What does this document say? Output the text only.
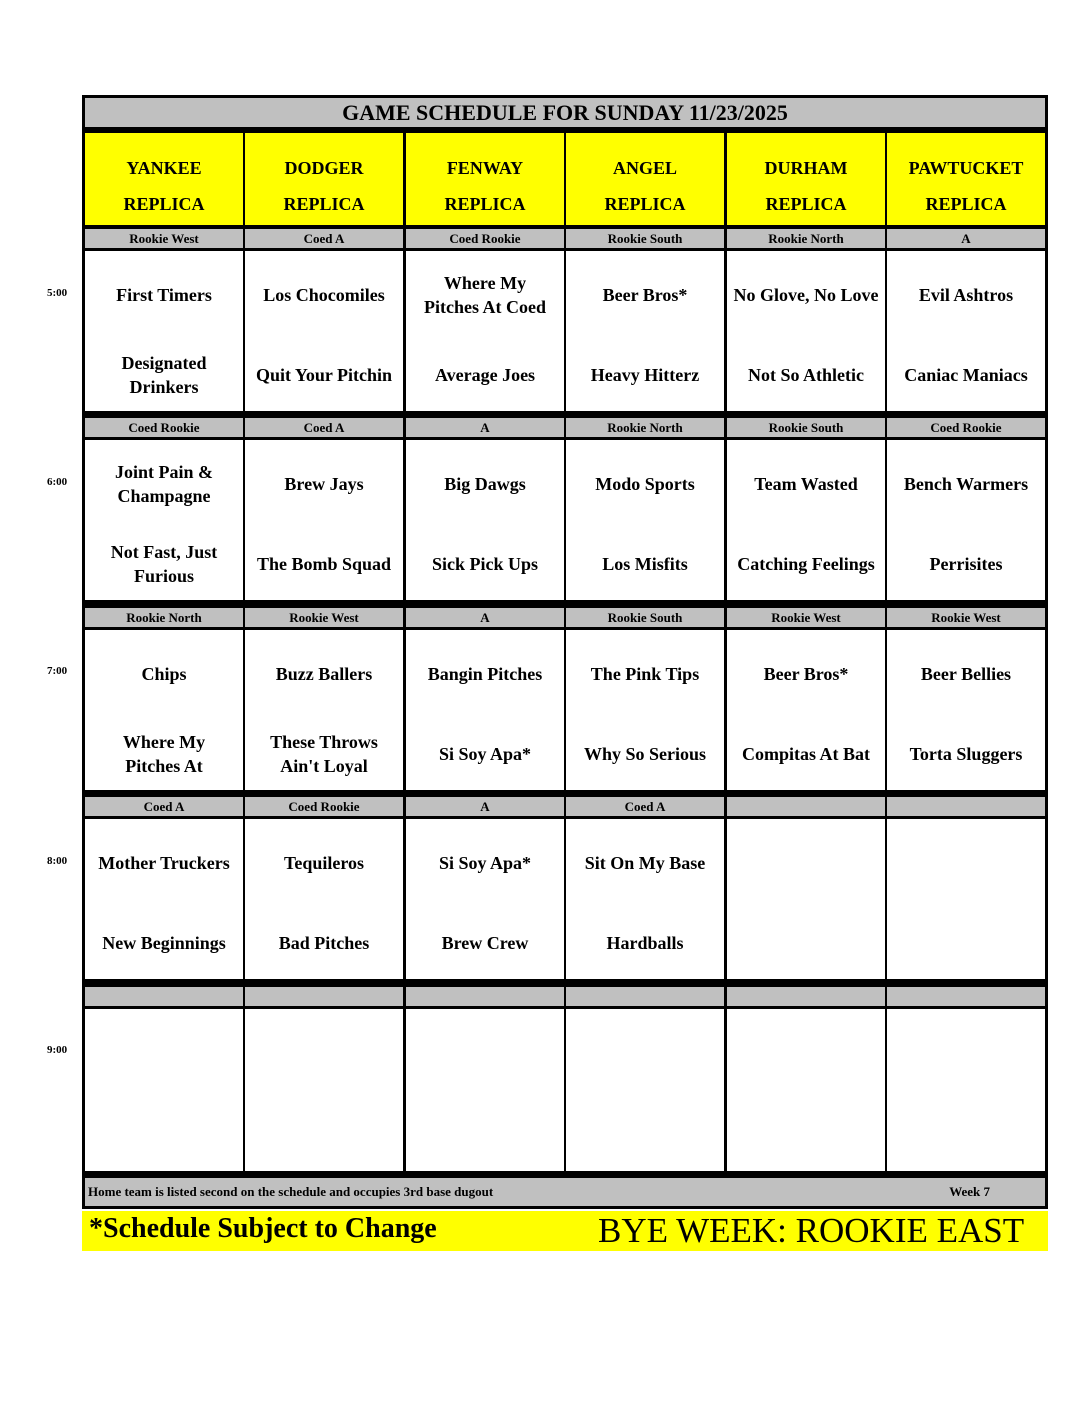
GAME SCHEDULE FOR SUNDAY 11/23/2025
YANKEE
REPLICA
DODGER
REPLICA
FENWAY
REPLICA
ANGEL
REPLICA
DURHAM
REPLICA
PAWTUCKET
REPLICA
Rookie West
First Timers
Designated Drinkers
Coed A
Los Chocomiles
Quit Your Pitchin
Coed Rookie
Where My Pitches At Coed
Average Joes
Rookie South
Beer Bros*
Heavy Hitterz
Rookie North
No Glove, No Love
Not So Athletic
A
Evil Ashtros
Caniac Maniacs
Coed Rookie
Joint Pain & Champagne
Not Fast, Just Furious
Coed A
Brew Jays
The Bomb Squad
A
Big Dawgs
Sick Pick Ups
Rookie North
Modo Sports
Los Misfits
Rookie South
Team Wasted
Catching Feelings
Coed Rookie
Bench Warmers
Perrisites
Rookie North
Chips
Where My Pitches At
Rookie West
Buzz Ballers
These Throws Ain't Loyal
A
Bangin Pitches
Si Soy Apa*
Rookie South
The Pink Tips
Why So Serious
Rookie West
Beer Bros*
Compitas At Bat
Rookie West
Beer Bellies
Torta Sluggers
Coed A
Mother Truckers
New Beginnings
Coed Rookie
Tequileros
Bad Pitches
A
Si Soy Apa*
Brew Crew
Coed A
Sit On My Base
Hardballs
Home team is listed second on the schedule and occupies 3rd base dugout	Week 7
5:00
6:00
7:00
8:00
9:00
*Schedule Subject to Change	BYE WEEK: ROOKIE EAST
